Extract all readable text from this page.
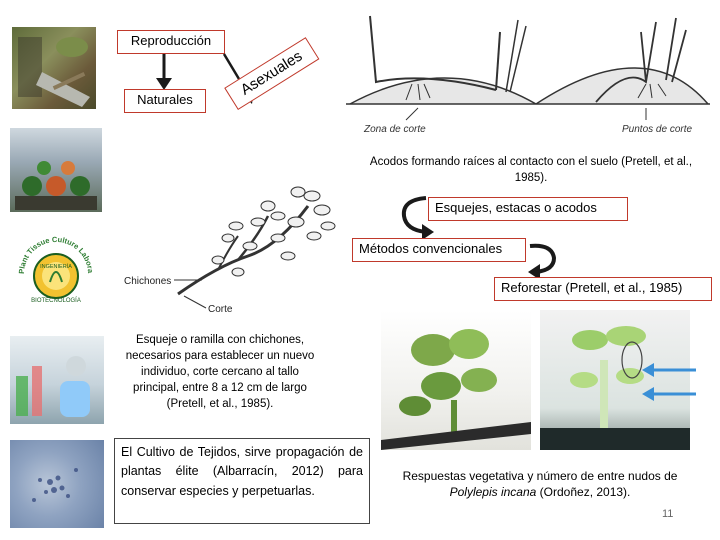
Plant Tissue Culture Labora
INGENIERÍA
BIOTECNOLOGÍA
Reproducción
Naturales
Asexuales
Zona de corte	Puntos de corte
Acodos formando raíces al contacto con el suelo (Pretell, et al., 1985).
Esquejes, estacas o acodos
Métodos convencionales
Reforestar (Pretell, et al., 1985)
Chichones
Corte
Esqueje o ramilla con chichones, necesarios para establecer un nuevo individuo, corte cercano al tallo principal, entre 8 a 12 cm de largo (Pretell, et al., 1985).
El Cultivo de Tejidos, sirve propagación de plantas élite (Albarracín, 2012) para conservar especies y perpetuarlas.
Respuestas vegetativa y número de entre nudos de
Polylepis incana (Ordoñez, 2013).
11
